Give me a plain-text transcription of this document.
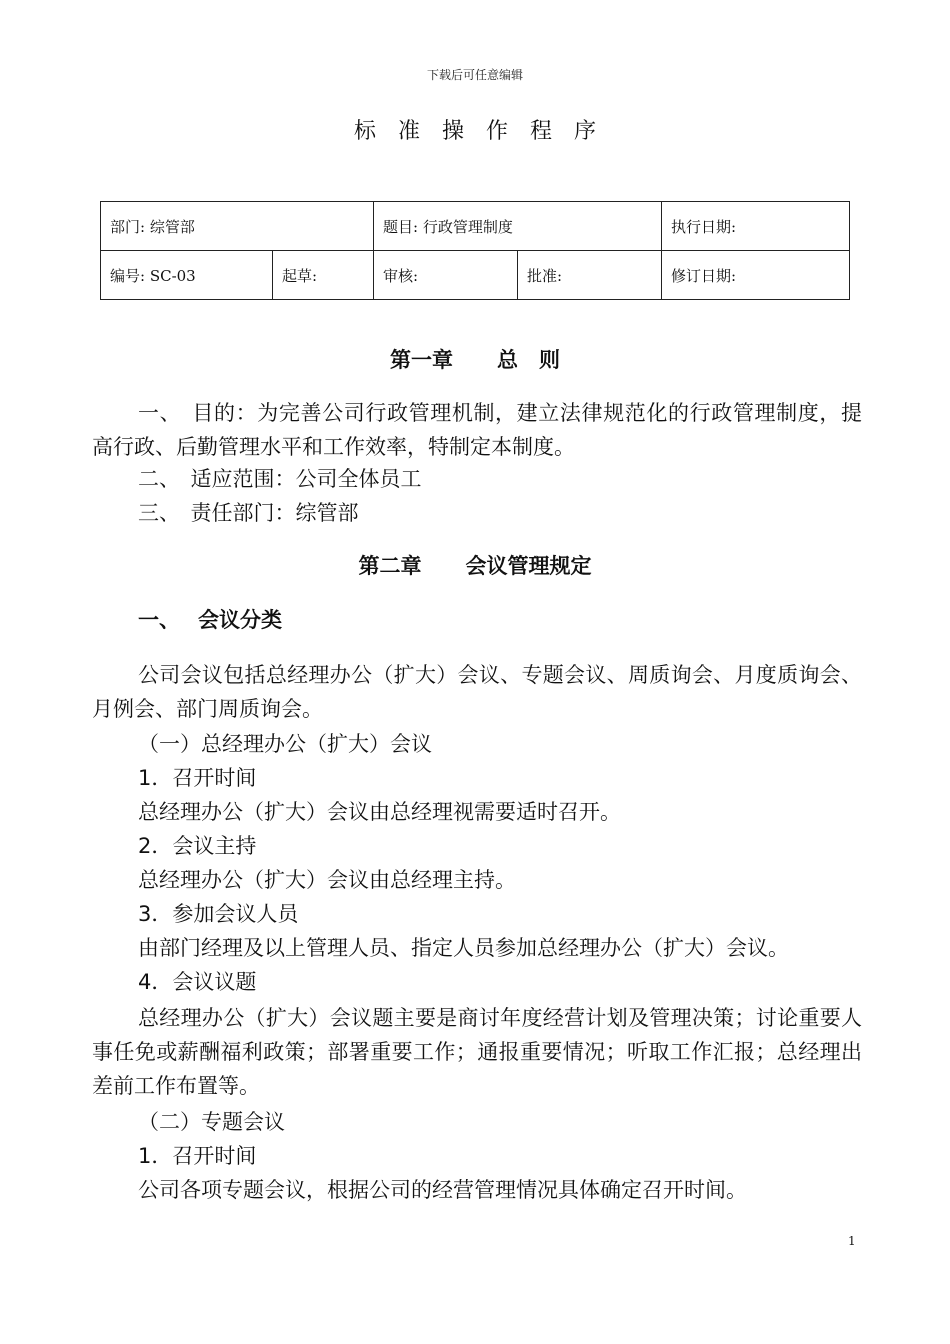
下载后可任意编辑
标准操作程序
部门: 综管部		题目: 行政管理制度		执行日期:
编号: SC-03	起草:	审核:	批准:	修订日期:
第一章 总　则
一、　目的：为完善公司行政管理机制，建立法律规范化的行政管理制度，提高行政、后勤管理水平和工作效率，特制定本制度。
二、　适应范围：公司全体员工
三、　责任部门：综管部
第二章 会议管理规定
一、 会议分类
公司会议包括总经理办公（扩大）会议、专题会议、周质询会、月度质询会、月例会、部门周质询会。
（一）总经理办公（扩大）会议
1．召开时间
总经理办公（扩大）会议由总经理视需要适时召开。
2．会议主持
总经理办公（扩大）会议由总经理主持。
3．参加会议人员
由部门经理及以上管理人员、指定人员参加总经理办公（扩大）会议。
4．会议议题
总经理办公（扩大）会议题主要是商讨年度经营计划及管理决策；讨论重要人事任免或薪酬福利政策；部署重要工作；通报重要情况；听取工作汇报；总经理出差前工作布置等。
（二）专题会议
1．召开时间
公司各项专题会议，根据公司的经营管理情况具体确定召开时间。
1
